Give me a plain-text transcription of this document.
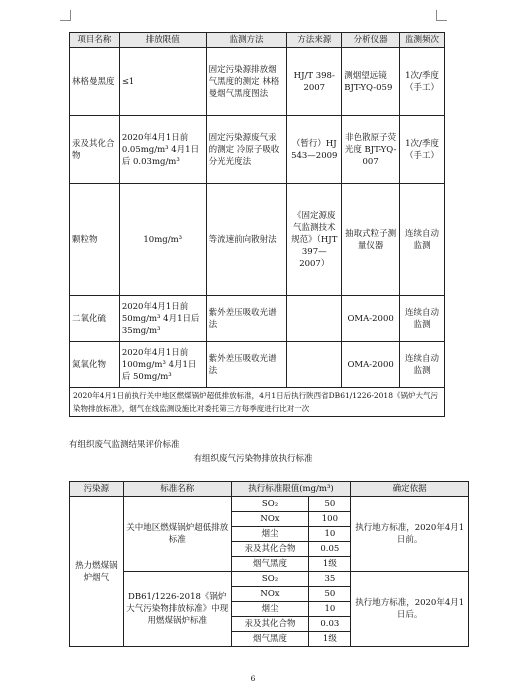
项目名称	排放限值	监测方法	方法来源	分析仪器	监测频次
林格曼黑度	≤1	固定污染源排放烟气黑度的测定 林格曼烟气黑度图法	HJ/T 398-2007	测烟望远镜 BJT-YQ-059	1次/季度
（手工）
汞及其化合物	2020年4月1日前 0.05mg/m³ 4月1日后 0.03mg/m³	固定污染源废气汞的测定 冷原子吸收分光光度法	（暂行）HJ 543—2009	非色散原子荧光度 BJT-YQ-007	1次/季度
（手工）
颗粒物	10mg/m³	等流速前向散射法	《固定源废气监测技术规范》（HJT 397—2007）	抽取式粒子测量仪器	连续自动监测
二氧化硫	2020年4月1日前 50mg/m³ 4月1日后 35mg/m³	紫外差压吸收光谱法		OMA-2000	连续自动监测
氮氧化物	2020年4月1日前 100mg/m³ 4月1日后 50mg/m³	紫外差压吸收光谱法		OMA-2000	连续自动监测
2020年4月1日前执行关中地区燃煤锅炉超低排放标准，4月1日后执行陕西省DB61/1226-2018《锅炉大气污染物排放标准》，烟气在线监测设施比对委托第三方每季度进行比对一次					
有组织废气监测结果评价标准
有组织废气污染物排放执行标准
污染源	标准名称	执行标准限值(mg/m³)		确定依据
热力燃煤锅炉烟气	关中地区燃煤锅炉超低排放标准	SO₂	50	执行地方标准，2020年4月1日前。
		NOx	100	
		烟尘	10	
		汞及其化合物	0.05	
		烟气黑度	1级	
	DB61/1226-2018《锅炉大气污染物排放标准》中现用燃煤锅炉标准	SO₂	35	执行地方标准，2020年4月1日后。
		NOx	50	
		烟尘	10	
		汞及其化合物	0.03	
		烟气黑度	1级	
6
